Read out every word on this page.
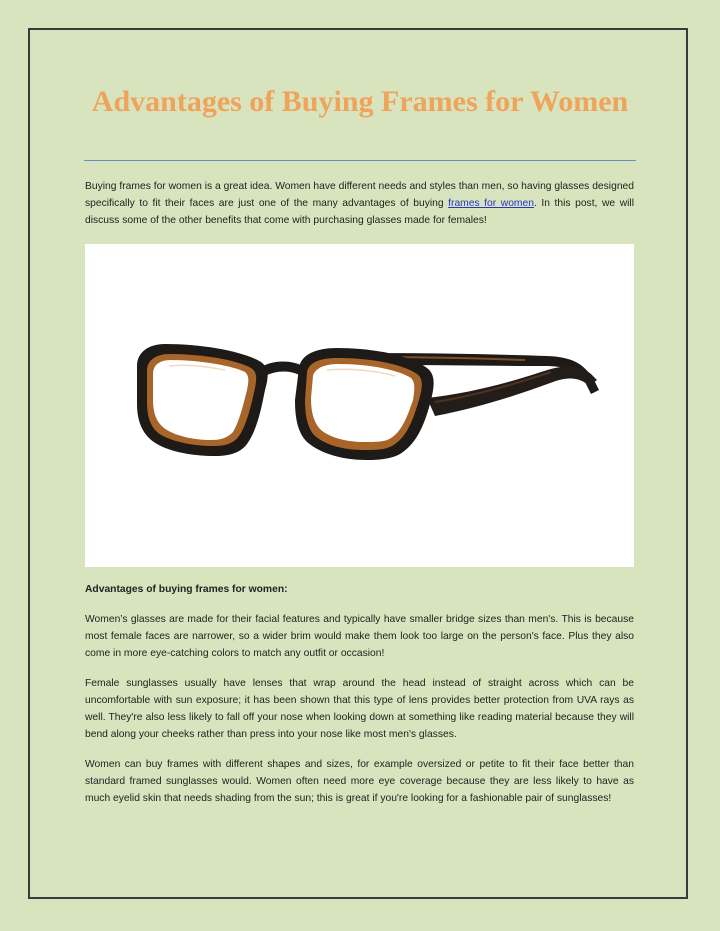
Advantages of Buying Frames for Women

Buying frames for women is a great idea. Women have different needs and styles than men, so having glasses designed specifically to fit their faces are just one of the many advantages of buying frames for women. In this post, we will discuss some of the other benefits that come with purchasing glasses made for females!

Advantages of buying frames for women:

Women’s glasses are made for their facial features and typically have smaller bridge sizes than men's. This is because most female faces are narrower, so a wider brim would make them look too large on the person's face. Plus they also come in more eye-catching colors to match any outfit or occasion!

Female sunglasses usually have lenses that wrap around the head instead of straight across which can be uncomfortable with sun exposure; it has been shown that this type of lens provides better protection from UVA rays as well. They're also less likely to fall off your nose when looking down at something like reading material because they will bend along your cheeks rather than press into your nose like most men's glasses.

Women can buy frames with different shapes and sizes, for example oversized or petite to fit their face better than standard framed sunglasses would. Women often need more eye coverage because they are less likely to have as much eyelid skin that needs shading from the sun; this is great if you're looking for a fashionable pair of sunglasses!
